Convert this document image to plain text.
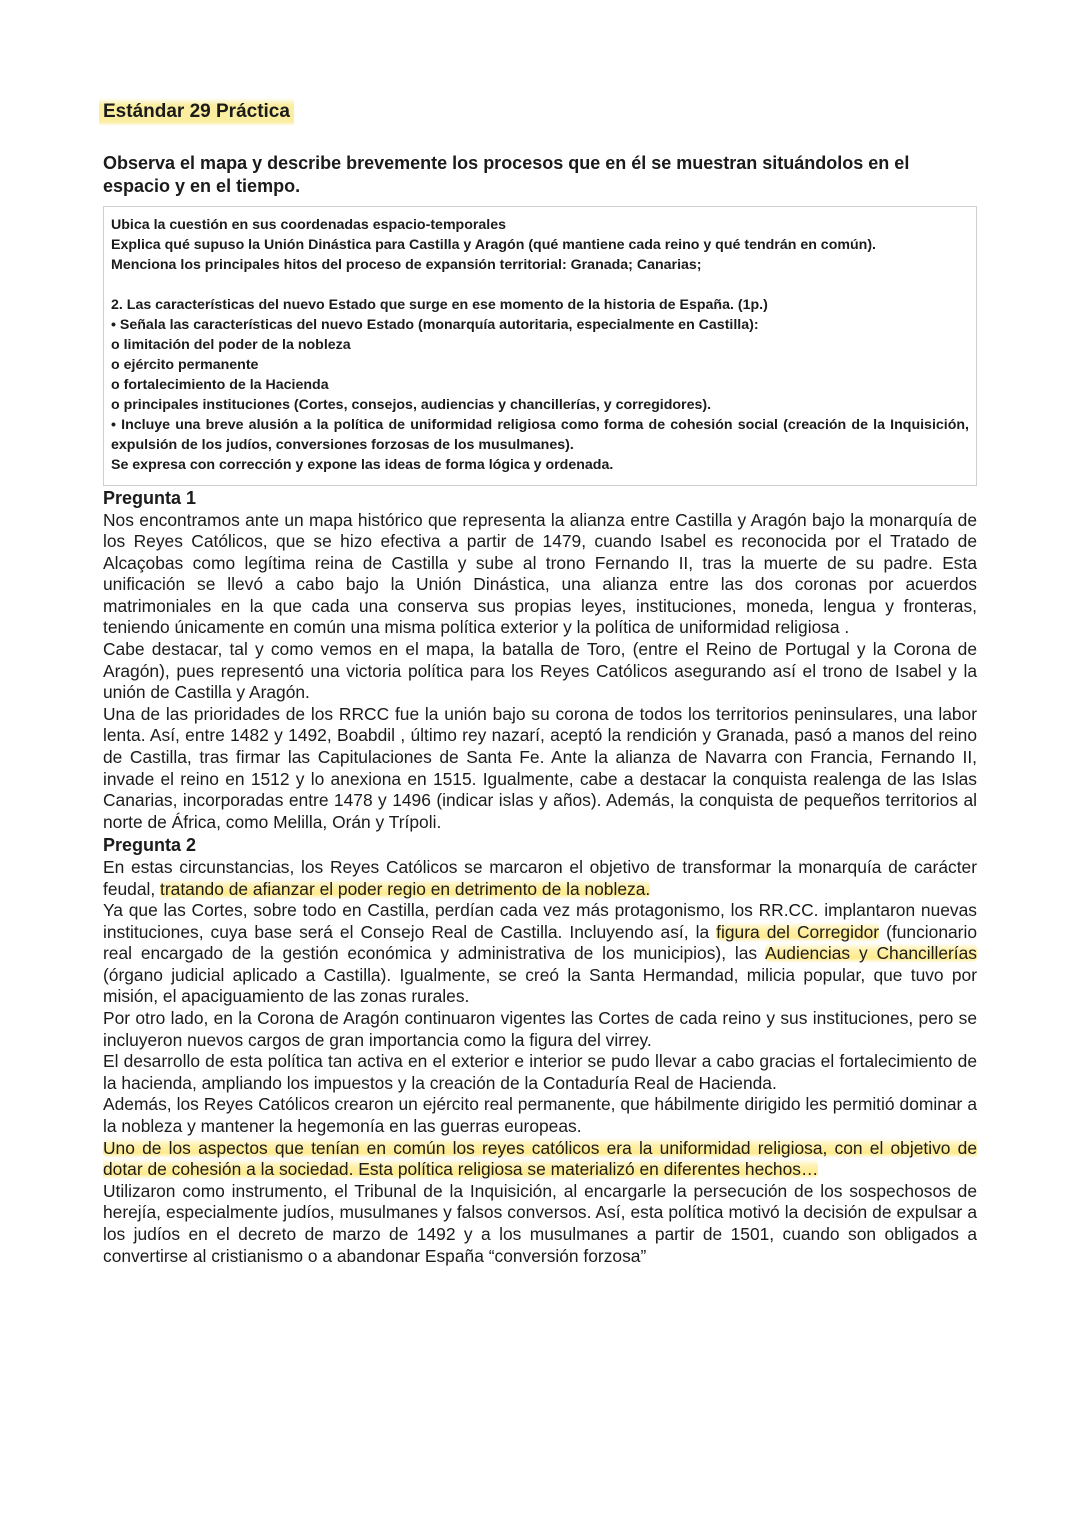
Estándar 29 Práctica
Observa el mapa y describe brevemente los procesos que en él se muestran situándolos en el espacio y en el tiempo.

Ubica la cuestión en sus coordenadas espacio-temporales

Explica qué supuso la Unión Dinástica para Castilla y Aragón (qué mantiene cada reino y qué tendrán en común).

Menciona los principales hitos del proceso de expansión territorial: Granada; Canarias;

2. Las características del nuevo Estado que surge en ese momento de la historia de España. (1p.)

• Señala las características del nuevo Estado (monarquía autoritaria, especialmente en Castilla):

o limitación del poder de la nobleza

o ejército permanente

o fortalecimiento de la Hacienda

o principales instituciones (Cortes, consejos, audiencias y chancillerías, y corregidores).

• Incluye una breve alusión a la política de uniformidad religiosa como forma de cohesión social (creación de la Inquisición, expulsión de los judíos, conversiones forzosas de los musulmanes).

Se expresa con corrección y expone las ideas de forma lógica y ordenada.

Pregunta 1

Nos encontramos ante un mapa histórico que representa la alianza entre Castilla y Aragón bajo la monarquía de los Reyes Católicos, que se hizo efectiva a partir de 1479, cuando Isabel es reconocida por el Tratado de Alcaçobas como legítima reina de Castilla y sube al trono Fernando II, tras la muerte de su padre. Esta unificación se llevó a cabo bajo la Unión Dinástica, una alianza entre las dos coronas por acuerdos matrimoniales en la que cada una conserva sus propias leyes, instituciones, moneda, lengua y fronteras, teniendo únicamente en común una misma política exterior y la política de uniformidad religiosa .

Cabe destacar, tal y como vemos en el mapa, la batalla de Toro, (entre el Reino de Portugal y la Corona de Aragón), pues representó una victoria política para los Reyes Católicos asegurando así el trono de Isabel y la unión de Castilla y Aragón.

Una de las prioridades de los RRCC fue la unión bajo su corona de todos los territorios peninsulares, una labor lenta. Así, entre 1482 y 1492, Boabdil , último rey nazarí, aceptó la rendición y Granada, pasó a manos del reino de Castilla, tras firmar las Capitulaciones de Santa Fe. Ante la alianza de Navarra con Francia, Fernando II, invade el reino en 1512 y lo anexiona en 1515. Igualmente, cabe a destacar la conquista realenga de las Islas Canarias, incorporadas entre 1478 y 1496 (indicar islas y años). Además, la conquista de pequeños territorios al norte de África, como Melilla, Orán y Trípoli.

Pregunta 2

En estas circunstancias, los Reyes Católicos se marcaron el objetivo de transformar la monarquía de carácter feudal, tratando de afianzar el poder regio en detrimento de la nobleza.

Ya que las Cortes, sobre todo en Castilla, perdían cada vez más protagonismo, los RR.CC. implantaron nuevas instituciones, cuya base será el Consejo Real de Castilla. Incluyendo así, la figura del Corregidor (funcionario real encargado de la gestión económica y administrativa de los municipios), las Audiencias y Chancillerías (órgano judicial aplicado a Castilla). Igualmente, se creó la Santa Hermandad, milicia popular, que tuvo por misión, el apaciguamiento de las zonas rurales.

Por otro lado, en la Corona de Aragón continuaron vigentes las Cortes de cada reino y sus instituciones, pero se incluyeron nuevos cargos de gran importancia como la figura del virrey.

El desarrollo de esta política tan activa en el exterior e interior se pudo llevar a cabo gracias el fortalecimiento de la hacienda, ampliando los impuestos y la creación de la Contaduría Real de Hacienda.

Además, los Reyes Católicos crearon un ejército real permanente, que hábilmente dirigido les permitió dominar a la nobleza y mantener la hegemonía en las guerras europeas.

Uno de los aspectos que tenían en común los reyes católicos era la uniformidad religiosa, con el objetivo de dotar de cohesión a la sociedad. Esta política religiosa se materializó en diferentes hechos…

Utilizaron como instrumento, el Tribunal de la Inquisición, al encargarle la persecución de los sospechosos de herejía, especialmente judíos, musulmanes y falsos conversos. Así, esta política motivó la decisión de expulsar a los judíos en el decreto de marzo de 1492 y a los musulmanes a partir de 1501, cuando son obligados a convertirse al cristianismo o a abandonar España “conversión forzosa”
